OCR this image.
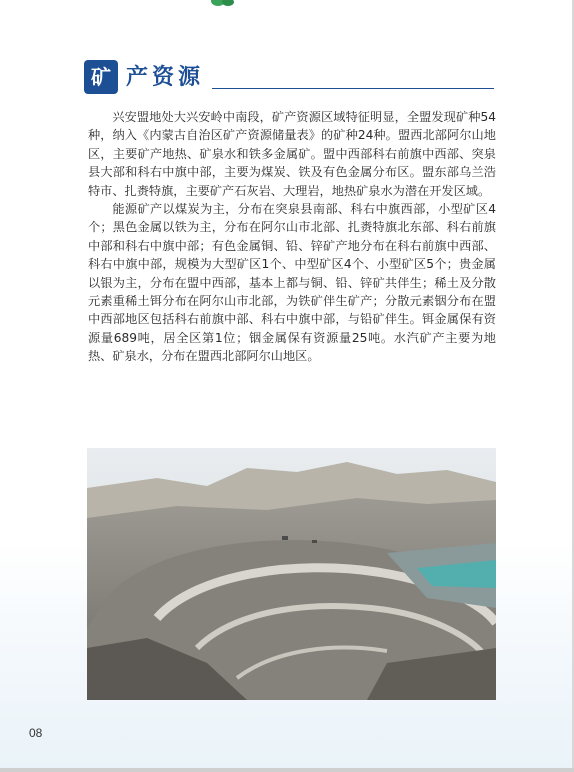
矿 产资源

兴安盟地处大兴安岭中南段，矿产资源区域特征明显，全盟发现矿种54种，纳入《内蒙古自治区矿产资源储量表》的矿种24种。盟西北部阿尔山地区，主要矿产地热、矿泉水和铁多金属矿。盟中西部科右前旗中西部、突泉县大部和科右中旗中部，主要为煤炭、铁及有色金属分布区。盟东部乌兰浩特市、扎赉特旗，主要矿产石灰岩、大理岩，地热矿泉水为潜在开发区域。

能源矿产以煤炭为主，分布在突泉县南部、科右中旗西部，小型矿区4个；黑色金属以铁为主，分布在阿尔山市北部、扎赉特旗北东部、科右前旗中部和科右中旗中部；有色金属铜、铅、锌矿产地分布在科右前旗中西部、科右中旗中部，规模为大型矿区1个、中型矿区4个、小型矿区5个；贵金属以银为主，分布在盟中西部，基本上都与铜、铅、锌矿共伴生；稀土及分散元素重稀土铒分布在阿尔山市北部，为铁矿伴生矿产；分散元素铟分布在盟中西部地区包括科右前旗中部、科右中旗中部，与铅矿伴生。铒金属保有资源量689吨，居全区第1位；铟金属保有资源量25吨。水汽矿产主要为地热、矿泉水，分布在盟西北部阿尔山地区。

08
